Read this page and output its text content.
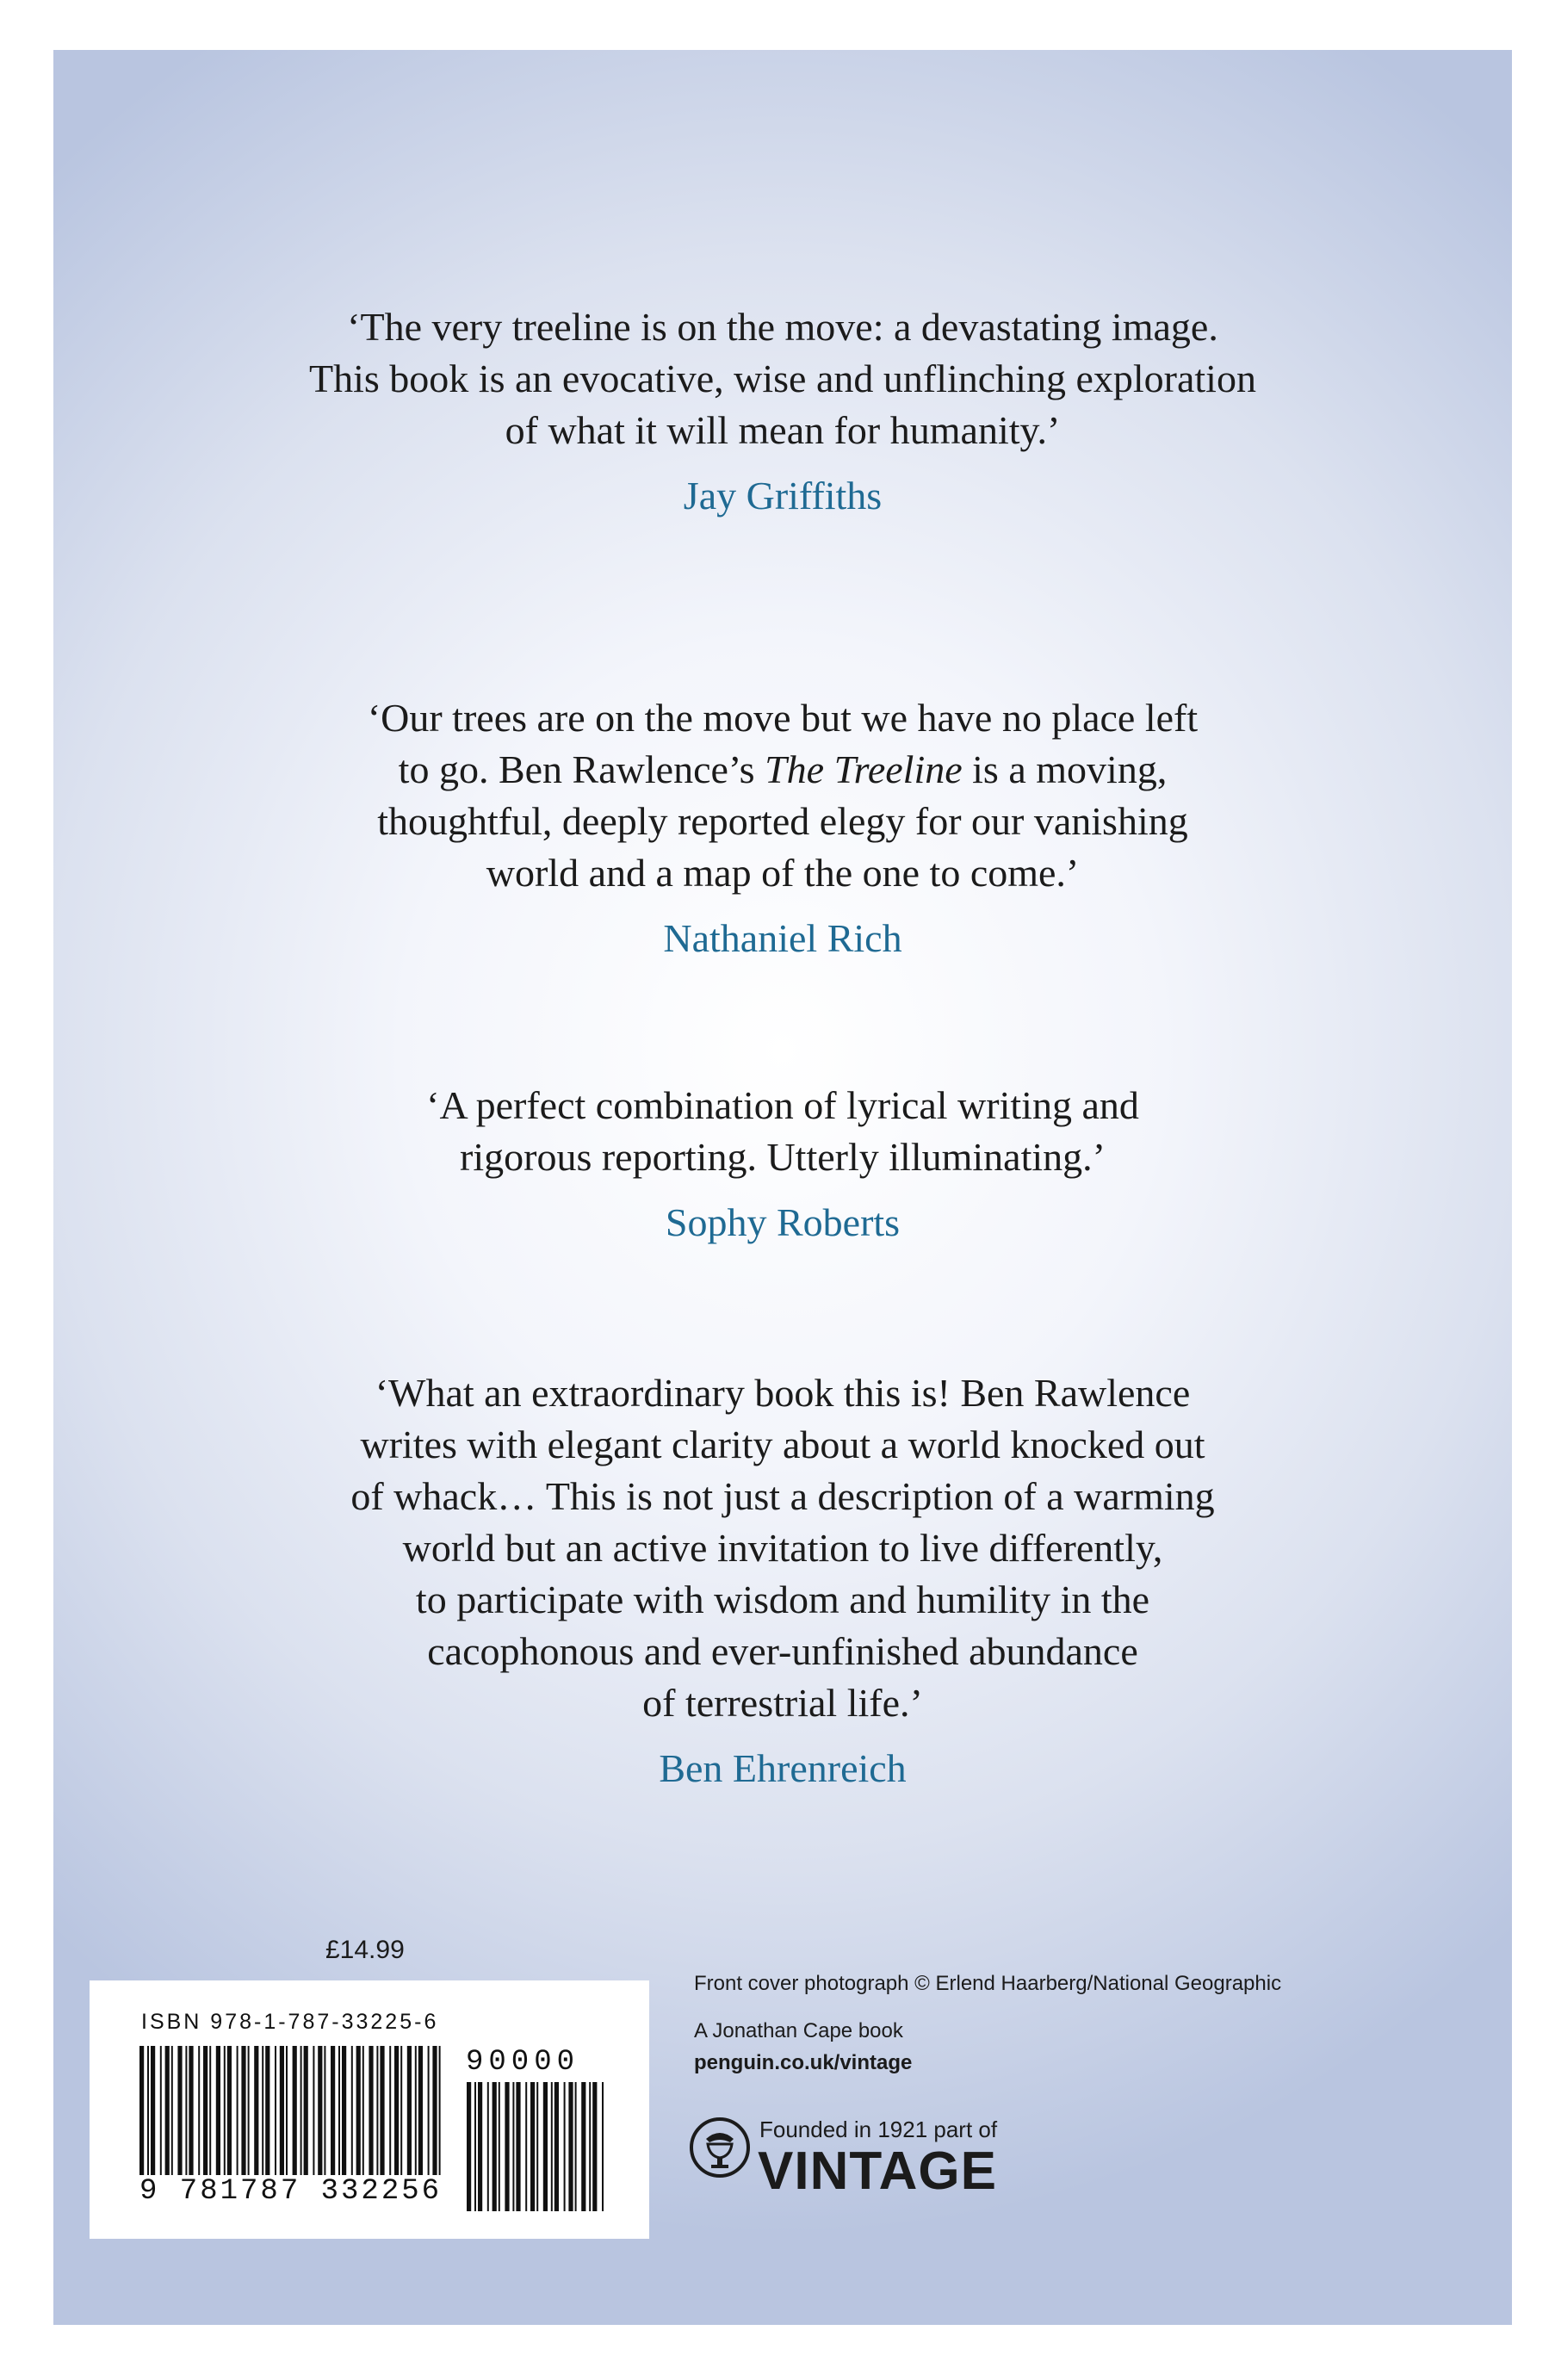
‘The very treeline is on the move: a devastating image.
This book is an evocative, wise and unflinching exploration
of what it will mean for humanity.’

Jay Griffiths

‘Our trees are on the move but we have no place left
to go. Ben Rawlence’s The Treeline is a moving,
thoughtful, deeply reported elegy for our vanishing
world and a map of the one to come.’

Nathaniel Rich

‘A perfect combination of lyrical writing and
rigorous reporting. Utterly illuminating.’

Sophy Roberts

‘What an extraordinary book this is! Ben Rawlence
writes with elegant clarity about a world knocked out
of whack… This is not just a description of a warming
world but an active invitation to live differently,
to participate with wisdom and humility in the
cacophonous and ever-unfinished abundance
of terrestrial life.’

Ben Ehrenreich
£14.99
ISBN 978-1-787-33225-6
90000
9 781787 332256
Front cover photograph © Erlend Haarberg/National Geographic
A Jonathan Cape book
penguin.co.uk/vintage
Founded in 1921 part of
VINTAGE
